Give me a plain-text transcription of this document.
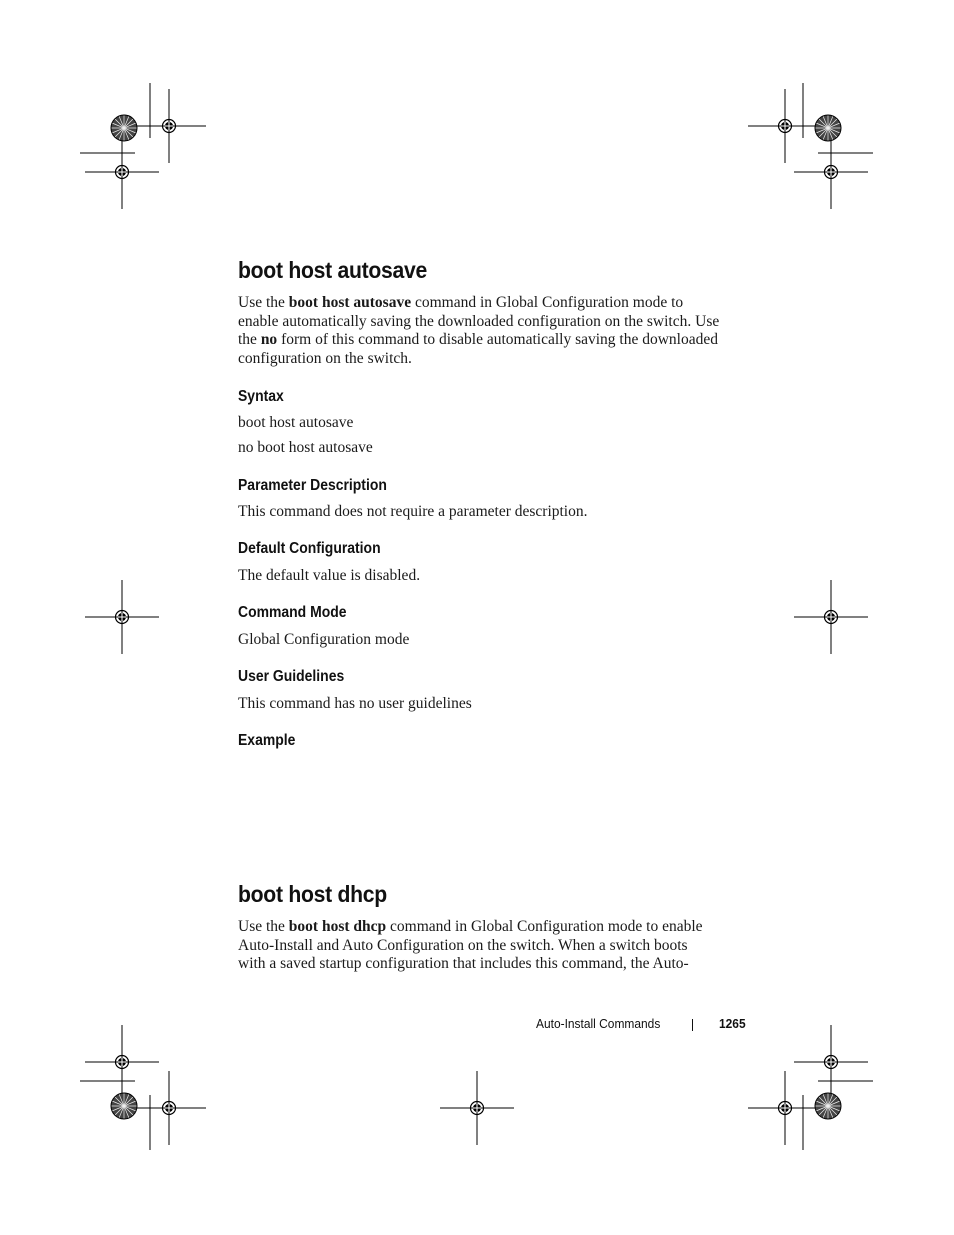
boot host autosave
Use the boot host autosave command in Global Configuration mode to
enable automatically saving the downloaded configuration on the switch. Use
the no form of this command to disable automatically saving the downloaded
configuration on the switch.
Syntax
boot host autosave
no boot host autosave
Parameter Description
This command does not require a parameter description.
Default Configuration
The default value is disabled.
Command Mode
Global Configuration mode
User Guidelines
This command has no user guidelines
Example
boot host dhcp
Use the boot host dhcp command in Global Configuration mode to enable
Auto-Install and Auto Configuration on the switch. When a switch boots
with a saved startup configuration that includes this command, the Auto-
Auto-Install Commands	1265
